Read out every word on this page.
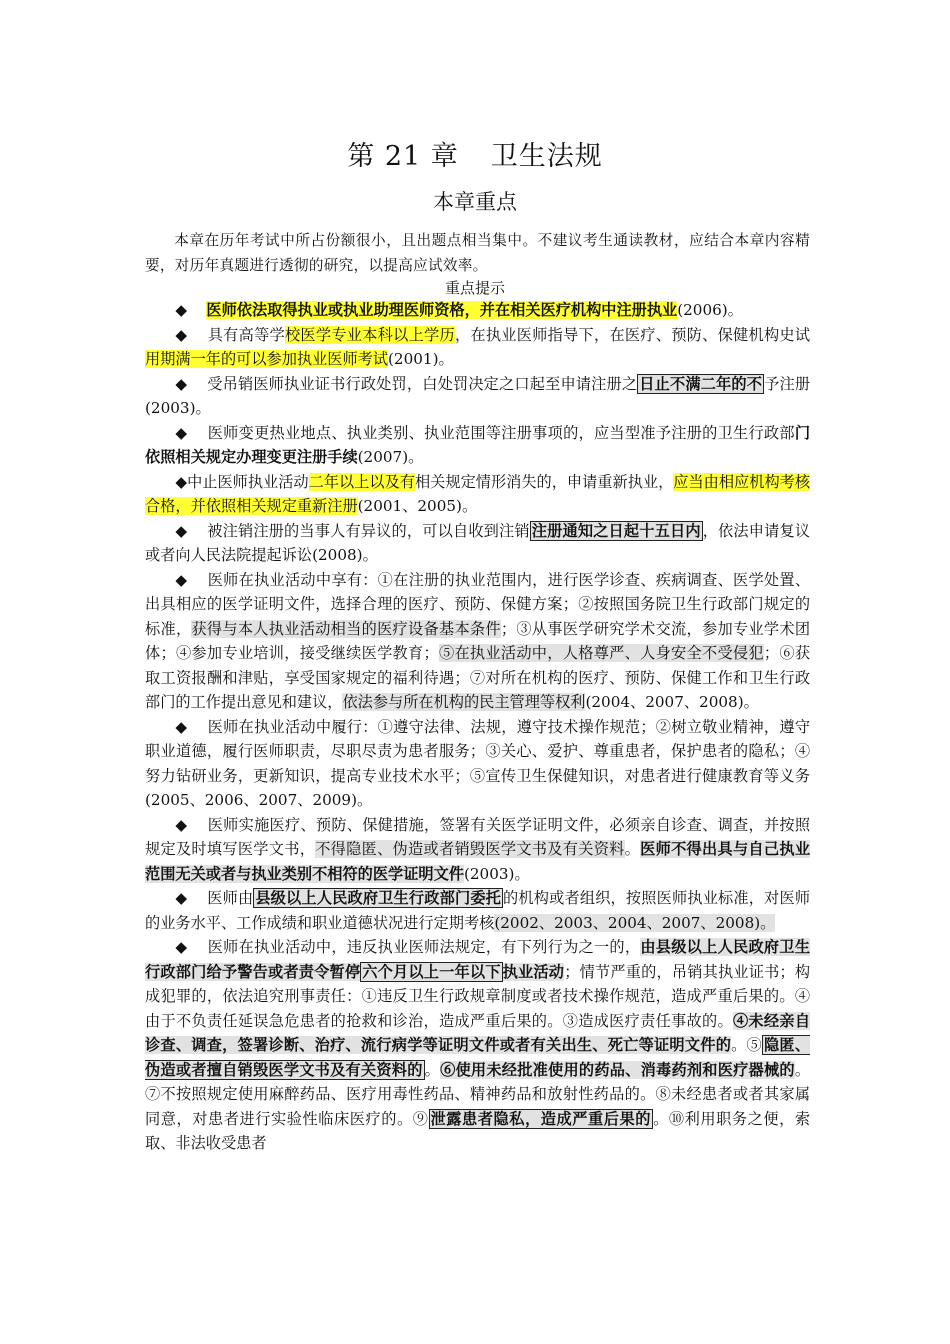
第 21 章 卫生法规
本章重点
本章在历年考试中所占份额很小，且出题点相当集中。不建议考生通读教材，应结合本章内容精要，对历年真题进行透彻的研究，以提高应试效率。
重点提示

◆ 医师依法取得执业或执业助理医师资格，并在相关医疗机构中注册执业(2006)。

◆ 具有高等学校医学专业本科以上学历，在执业医师指导下，在医疗、预防、保健机构史试用期满一年的可以参加执业医师考试(2001)。

◆ 受吊销医师执业证书行政处罚，白处罚决定之口起至申请注册之 日止不满二年的不 予注册(2003)。

◆ 医师变更热业地点、执业类别、执业范围等注册事项的，应当型准予注册的卫生行政部门依照相关规定办理变更注册手续(2007)。

◆中止医师执业活动二年以上以及有相关规定情形消失的，申请重新执业，应当由相应机构考核合格，并依照相关规定重新注册(2001、2005)。

◆ 被注销注册的当事人有异议的，可以自收到注销 注册通知之日起十五日内 ，依法申请复议或者向人民法院提起诉讼(2008)。

◆ 医师在执业活动中享有：①在注册的执业范围内，进行医学诊查、疾病调查、医学处置、出具相应的医学证明文件，选择合理的医疗、预防、保健方案；②按照国务院卫生行政部门规定的标准，获得与本人执业活动相当的医疗设备基本条件；③从事医学研究学术交流，参加专业学术团体；④参加专业培训，接受继续医学教育；⑤在执业活动中，人格尊严、人身安全不受侵犯；⑥获取工资报酬和津贴，享受国家规定的福利待遇；⑦对所在机构的医疗、预防、保健工作和卫生行政部门的工作提出意见和建议，依法参与所在机构的民主管理等权利(2004、2007、2008)。

◆ 医师在执业活动中履行：①遵守法律、法规，遵守技术操作规范；②树立敬业精神，遵守职业道德，履行医师职责，尽职尽责为患者服务；③关心、爱护、尊重患者，保护患者的隐私；④努力钻研业务，更新知识，提高专业技术水平；⑤宣传卫生保健知识，对患者进行健康教育等义务(2005、2006、2007、2009)。

◆ 医师实施医疗、预防、保健措施，签署有关医学证明文件，必须亲自诊查、调查，并按照规定及时填写医学文书，不得隐匿、伪造或者销毁医学文书及有关资料。医师不得出具与自己执业范围无关或者与执业类别不相符的医学证明文件(2003)。

◆ 医师由 县级以上人民政府卫生行政部门委托 的机构或者组织，按照医师执业标准，对医师的业务水平、工作成绩和职业道德状况进行定期考核(2002、2003、2004、2007、2008)。

◆ 医师在执业活动中，违反执业医师法规定，有下列行为之一的，由县级以上人民政府卫生行政部门给予警告或者责令暂停 六个月以上一年以下 执业活动；情节严重的，吊销其执业证书；构成犯罪的，依法追究刑事责任：①违反卫生行政规章制度或者技术操作规范，造成严重后果的。④由于不负责任延误急危患者的抢救和诊治，造成严重后果的。③造成医疗责任事故的。④未经亲自诊查、调查，签署诊断、治疗、流行病学等证明文件或者有关出生、死亡等证明文件的。⑤ 隐匿、伪造或者擅自销毁医学文书及有关资料的 。⑥使用未经批准使用的药品、消毒药剂和医疗器械的。⑦不按照规定使用麻醉药品、医疗用毒性药品、精神药品和放射性药品的。⑧未经患者或者其家属同意，对患者进行实验性临床医疗的。⑨ 泄露患者隐私，造成严重后果的 。⑩利用职务之便，索取、非法收受患者
